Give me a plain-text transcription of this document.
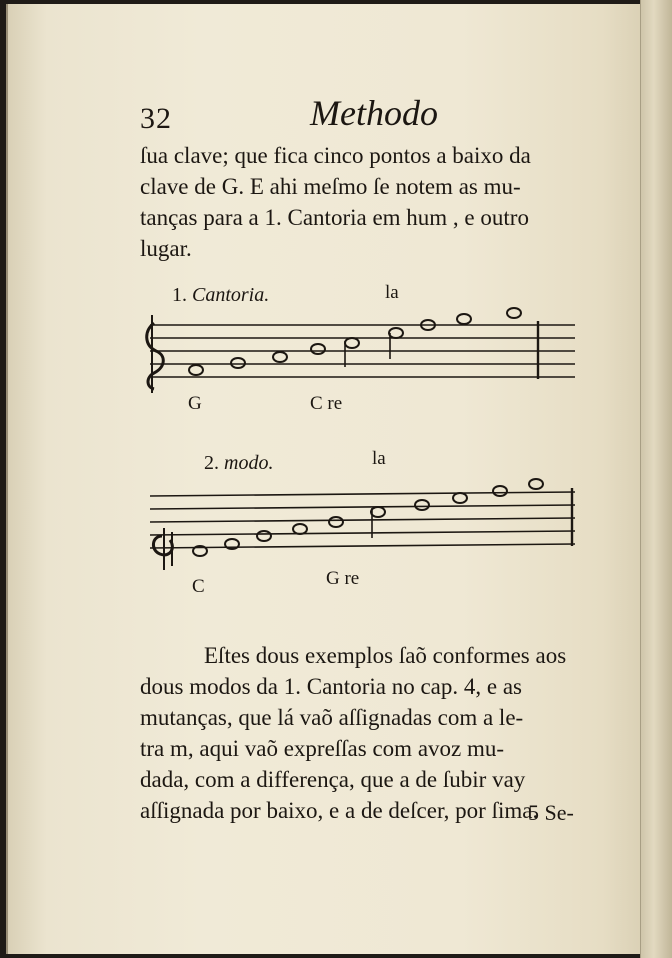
32	Methodo
ſua clave; que fica cinco pontos a baixo da
clave de G. E ahi meſmo ſe notem as mu-
tanças para a 1. Cantoria em hum , e outro
lugar.
1. Cantoria.	la
G	C re
2. modo.	la
C	G re
Eſtes dous exemplos ſaõ conformes aos
dous modos da 1. Cantoria no cap. 4, e as
mutanças, que lá vaõ aſſignadas com a le-
tra m, aqui vaõ expreſſas com avoz mu-
dada, com a differença, que a de ſubir vay
aſſignada por baixo, e a de deſcer, por ſima.
5 Se-
